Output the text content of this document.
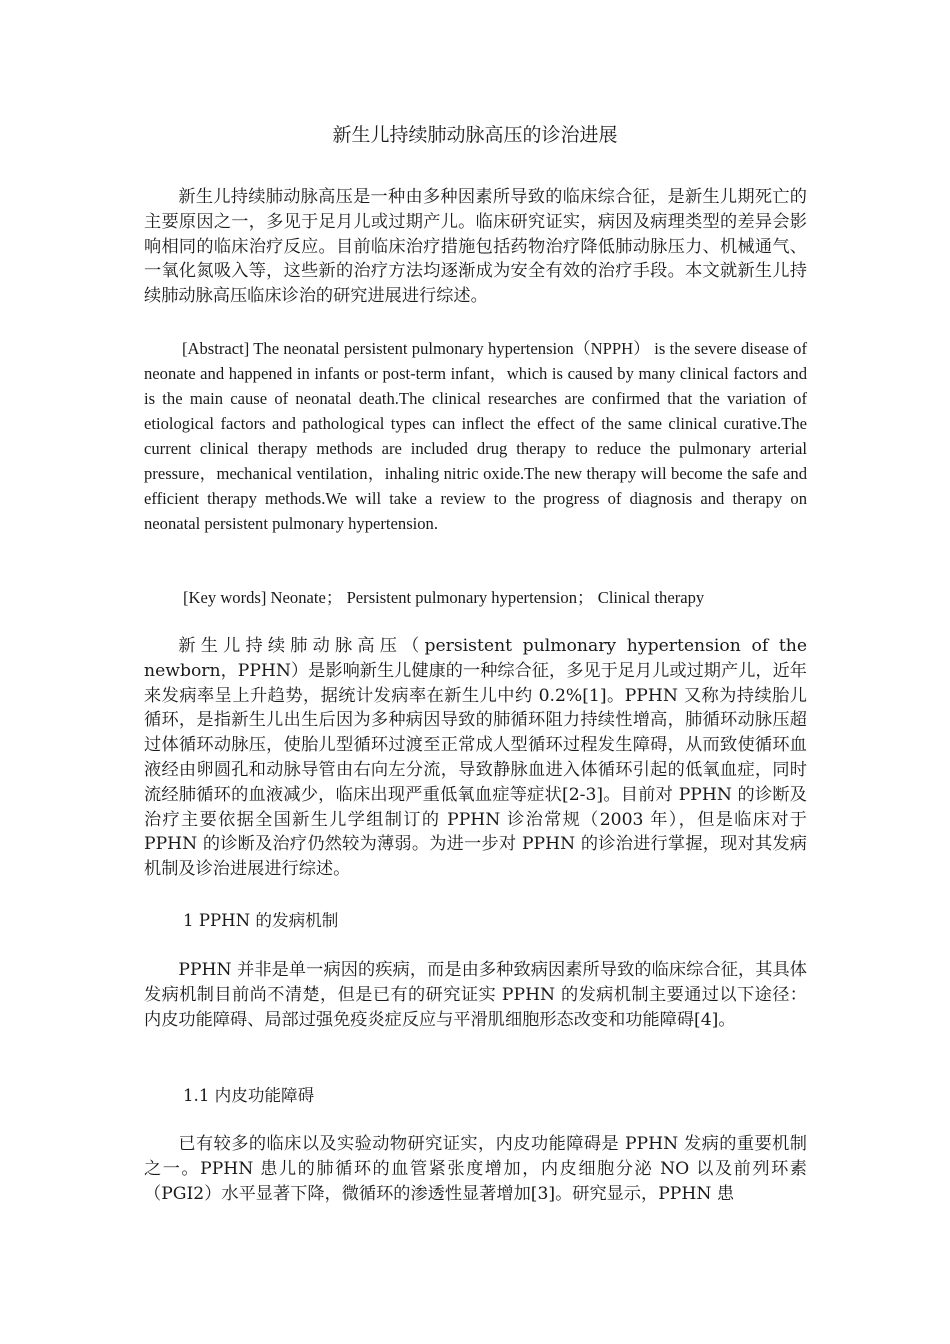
新生儿持续肺动脉高压的诊治进展

新生儿持续肺动脉高压是一种由多种因素所导致的临床综合征，是新生儿期死亡的主要原因之一，多见于足月儿或过期产儿。临床研究证实，病因及病理类型的差异会影响相同的临床治疗反应。目前临床治疗措施包括药物治疗降低肺动脉压力、机械通气、一氧化氮吸入等，这些新的治疗方法均逐渐成为安全有效的治疗手段。本文就新生儿持续肺动脉高压临床诊治的研究进展进行综述。

[Abstract] The neonatal persistent pulmonary hypertension（NPPH） is the severe disease of neonate and happened in infants or post-term infant，which is caused by many clinical factors and is the main cause of neonatal death.The clinical researches are confirmed that the variation of etiological factors and pathological types can inflect the effect of the same clinical curative.The current clinical therapy methods are included drug therapy to reduce the pulmonary arterial pressure，mechanical ventilation，inhaling nitric oxide.The new therapy will become the safe and efficient therapy methods.We will take a review to the progress of diagnosis and therapy on neonatal persistent pulmonary hypertension.

[Key words] Neonate； Persistent pulmonary hypertension； Clinical therapy

新生儿持续肺动脉高压（persistent pulmonary hypertension of the newborn，PPHN）是影响新生儿健康的一种综合征，多见于足月儿或过期产儿，近年来发病率呈上升趋势，据统计发病率在新生儿中约 0.2%[1]。PPHN 又称为持续胎儿循环，是指新生儿出生后因为多种病因导致的肺循环阻力持续性增高，肺循环动脉压超过体循环动脉压，使胎儿型循环过渡至正常成人型循环过程发生障碍，从而致使循环血液经由卵圆孔和动脉导管由右向左分流，导致静脉血进入体循环引起的低氧血症，同时流经肺循环的血液减少，临床出现严重低氧血症等症状[2-3]。目前对 PPHN 的诊断及治疗主要依据全国新生儿学组制订的 PPHN 诊治常规（2003 年），但是临床对于PPHN 的诊断及治疗仍然较为薄弱。为进一步对 PPHN 的诊治进行掌握，现对其发病机制及诊治进展进行综述。

1 PPHN 的发病机制

PPHN 并非是单一病因的疾病，而是由多种致病因素所导致的临床综合征，其具体发病机制目前尚不清楚，但是已有的研究证实 PPHN 的发病机制主要通过以下途径：内皮功能障碍、局部过强免疫炎症反应与平滑肌细胞形态改变和功能障碍[4]。

1.1 内皮功能障碍

已有较多的临床以及实验动物研究证实，内皮功能障碍是 PPHN 发病的重要机制之一。PPHN 患儿的肺循环的血管紧张度增加，内皮细胞分泌 NO 以及前列环素（PGI2）水平显著下降，微循环的渗透性显著增加[3]。研究显示，PPHN 患
